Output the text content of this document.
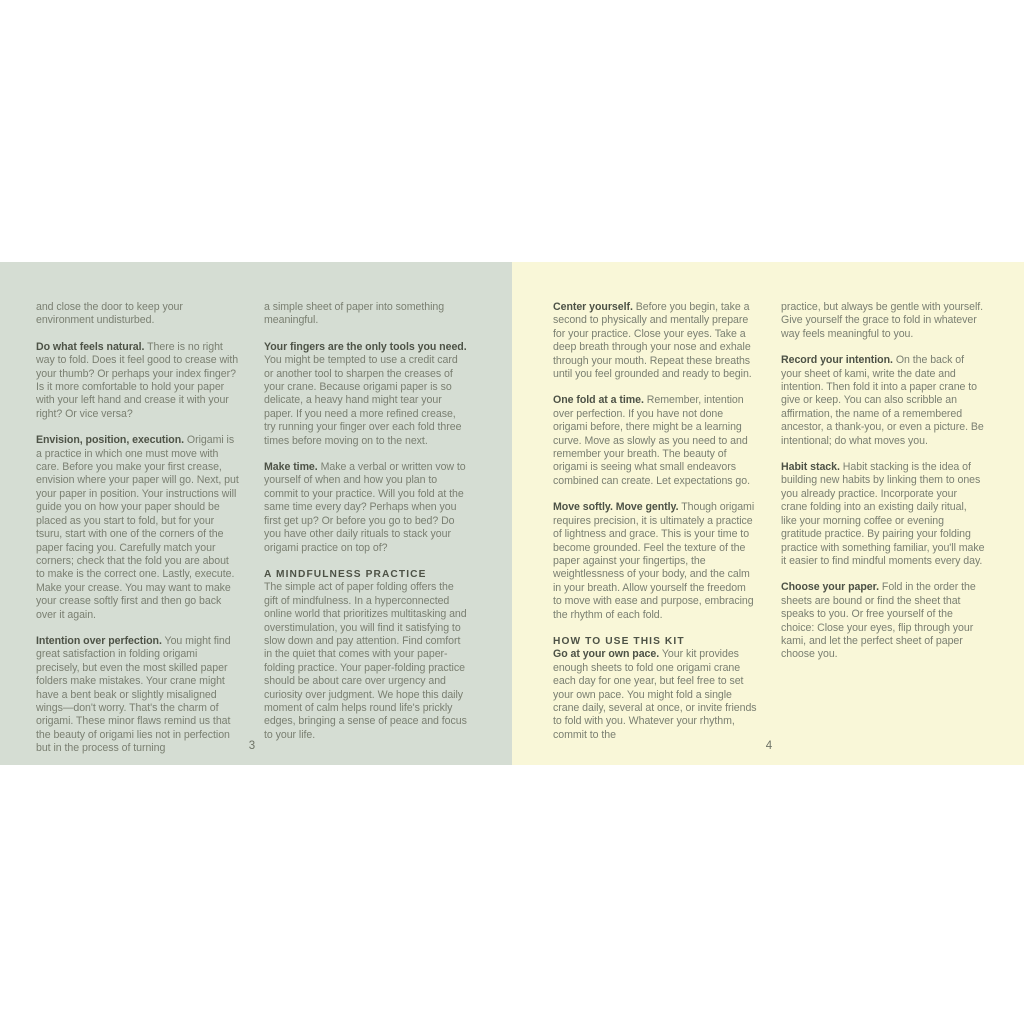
and close the door to keep your environment undisturbed.

Do what feels natural. There is no right way to fold. Does it feel good to crease with your thumb? Or perhaps your index finger? Is it more comfortable to hold your paper with your left hand and crease it with your right? Or vice versa?

Envision, position, execution. Origami is a practice in which one must move with care. Before you make your first crease, envision where your paper will go. Next, put your paper in position. Your instructions will guide you on how your paper should be placed as you start to fold, but for your tsuru, start with one of the corners of the paper facing you. Carefully match your corners; check that the fold you are about to make is the correct one. Lastly, execute. Make your crease. You may want to make your crease softly first and then go back over it again.

Intention over perfection. You might find great satisfaction in folding origami precisely, but even the most skilled paper folders make mistakes. Your crane might have a bent beak or slightly misaligned wings—don't worry. That's the charm of origami. These minor flaws remind us that the beauty of origami lies not in perfection but in the process of turning

a simple sheet of paper into something meaningful.

Your fingers are the only tools you need. You might be tempted to use a credit card or another tool to sharpen the creases of your crane. Because origami paper is so delicate, a heavy hand might tear your paper. If you need a more refined crease, try running your finger over each fold three times before moving on to the next.

Make time. Make a verbal or written vow to yourself of when and how you plan to commit to your practice. Will you fold at the same time every day? Perhaps when you first get up? Or before you go to bed? Do you have other daily rituals to stack your origami practice on top of?

A MINDFULNESS PRACTICE

The simple act of paper folding offers the gift of mindfulness. In a hyperconnected online world that prioritizes multitasking and overstimulation, you will find it satisfying to slow down and pay attention. Find comfort in the quiet that comes with your paper-folding practice. Your paper-folding practice should be about care over urgency and curiosity over judgment. We hope this daily moment of calm helps round life's prickly edges, bringing a sense of peace and focus to your life.

3

Center yourself. Before you begin, take a second to physically and mentally prepare for your practice. Close your eyes. Take a deep breath through your nose and exhale through your mouth. Repeat these breaths until you feel grounded and ready to begin.

One fold at a time. Remember, intention over perfection. If you have not done origami before, there might be a learning curve. Move as slowly as you need to and remember your breath. The beauty of origami is seeing what small endeavors combined can create. Let expectations go.

Move softly. Move gently. Though origami requires precision, it is ultimately a practice of lightness and grace. This is your time to become grounded. Feel the texture of the paper against your fingertips, the weightlessness of your body, and the calm in your breath. Allow yourself the freedom to move with ease and purpose, embracing the rhythm of each fold.

HOW TO USE THIS KIT

Go at your own pace. Your kit provides enough sheets to fold one origami crane each day for one year, but feel free to set your own pace. You might fold a single crane daily, several at once, or invite friends to fold with you. Whatever your rhythm, commit to the

practice, but always be gentle with yourself. Give yourself the grace to fold in whatever way feels meaningful to you.

Record your intention. On the back of your sheet of kami, write the date and intention. Then fold it into a paper crane to give or keep. You can also scribble an affirmation, the name of a remembered ancestor, a thank-you, or even a picture. Be intentional; do what moves you.

Habit stack. Habit stacking is the idea of building new habits by linking them to ones you already practice. Incorporate your crane folding into an existing daily ritual, like your morning coffee or evening gratitude practice. By pairing your folding practice with something familiar, you'll make it easier to find mindful moments every day.

Choose your paper. Fold in the order the sheets are bound or find the sheet that speaks to you. Or free yourself of the choice: Close your eyes, flip through your kami, and let the perfect sheet of paper choose you.

4
